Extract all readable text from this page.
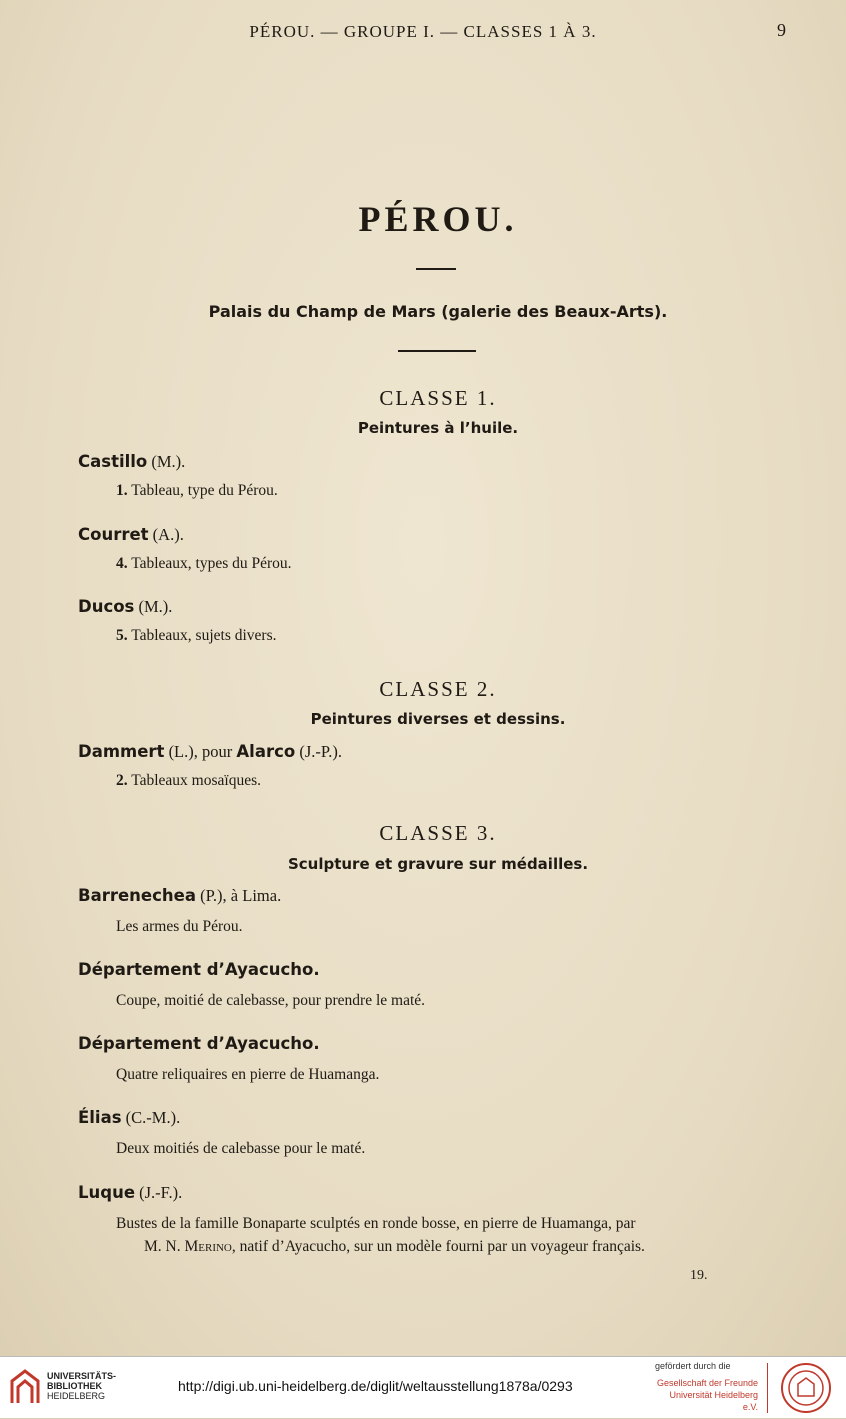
PÉROU. — GROUPE I. — CLASSES 1 À 3.	9
PÉROU.
Palais du Champ de Mars (galerie des Beaux-Arts).
CLASSE 1.
Peintures à l’huile.
Castillo (M.).
1. Tableau, type du Pérou.
Courret (A.).
4. Tableaux, types du Pérou.
Ducos (M.).
5. Tableaux, sujets divers.
CLASSE 2.
Peintures diverses et dessins.
Dammert (L.), pour Alarco (J.-P.).
2. Tableaux mosaïques.
CLASSE 3.
Sculpture et gravure sur médailles.
Barrenechea (P.), à Lima.
Les armes du Pérou.
Département d’Ayacucho.
Coupe, moitié de calebasse, pour prendre le maté.
Département d’Ayacucho.
Quatre reliquaires en pierre de Huamanga.
Élias (C.-M.).
Deux moitiés de calebasse pour le maté.
Luque (J.-F.).
Bustes de la famille Bonaparte sculptés en ronde bosse, en pierre de Huamanga, par
M. N. Merino, natif d’Ayacucho, sur un modèle fourni par un voyageur français.
19.
UNIVERSITÄTS-
BIBLIOTHEK
HEIDELBERG
http://digi.ub.uni-heidelberg.de/diglit/weltausstellung1878a/0293
gefördert durch die
Gesellschaft der Freunde
Universität Heidelberg e.V.
